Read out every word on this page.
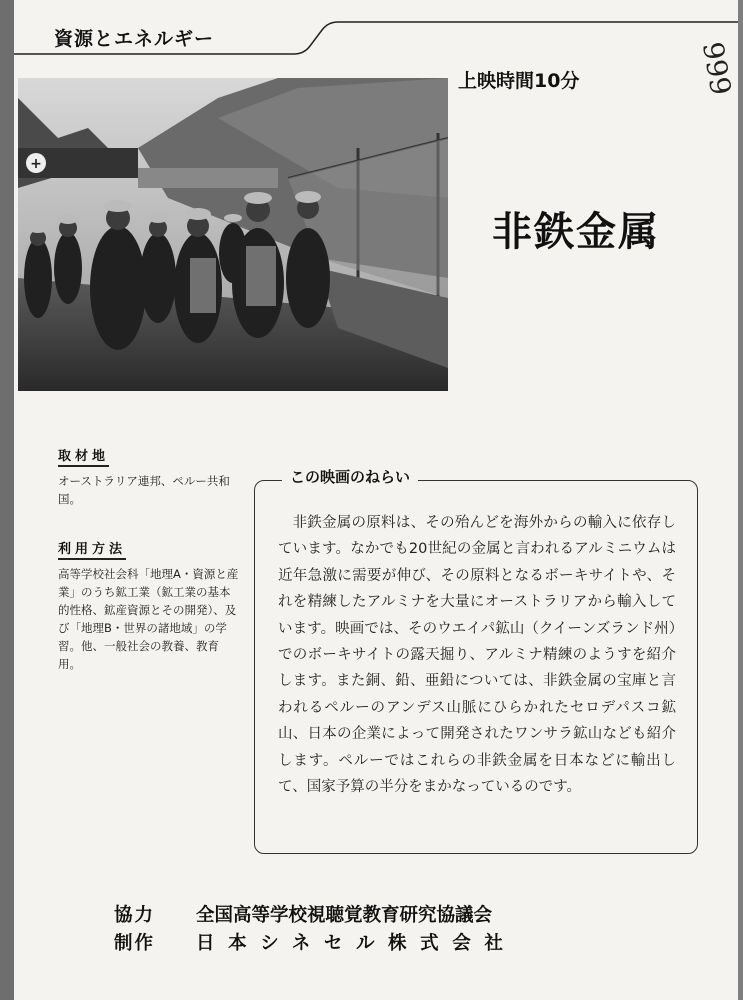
資源とエネルギー
上映時間10分	999
+
非鉄金属
取材地
オーストラリア連邦、ペルー共和国。
利用方法
高等学校社会科「地理A・資源と産業」のうち鉱工業（鉱工業の基本的性格、鉱産資源とその開発）、及び「地理B・世界の諸地域」の学習。他、一般社会の教養、教育用。
この映画のねらい
非鉄金属の原料は、その殆んどを海外からの輸入に依存しています。なかでも20世紀の金属と言われるアルミニウムは近年急激に需要が伸び、その原料となるボーキサイトや、それを精練したアルミナを大量にオーストラリアから輸入しています。映画では、そのウエイパ鉱山（クイーンズランド州）でのボーキサイトの露天掘り、アルミナ精練のようすを紹介します。また銅、鉛、亜鉛については、非鉄金属の宝庫と言われるペルーのアンデス山脈にひらかれたセロデパスコ鉱山、日本の企業によって開発されたワンサラ鉱山なども紹介します。ペルーではこれらの非鉄金属を日本などに輸出して、国家予算の半分をまかなっているのです。
協力 全国高等学校視聴覚教育研究協議会
制作 日本シネセル株式会社
